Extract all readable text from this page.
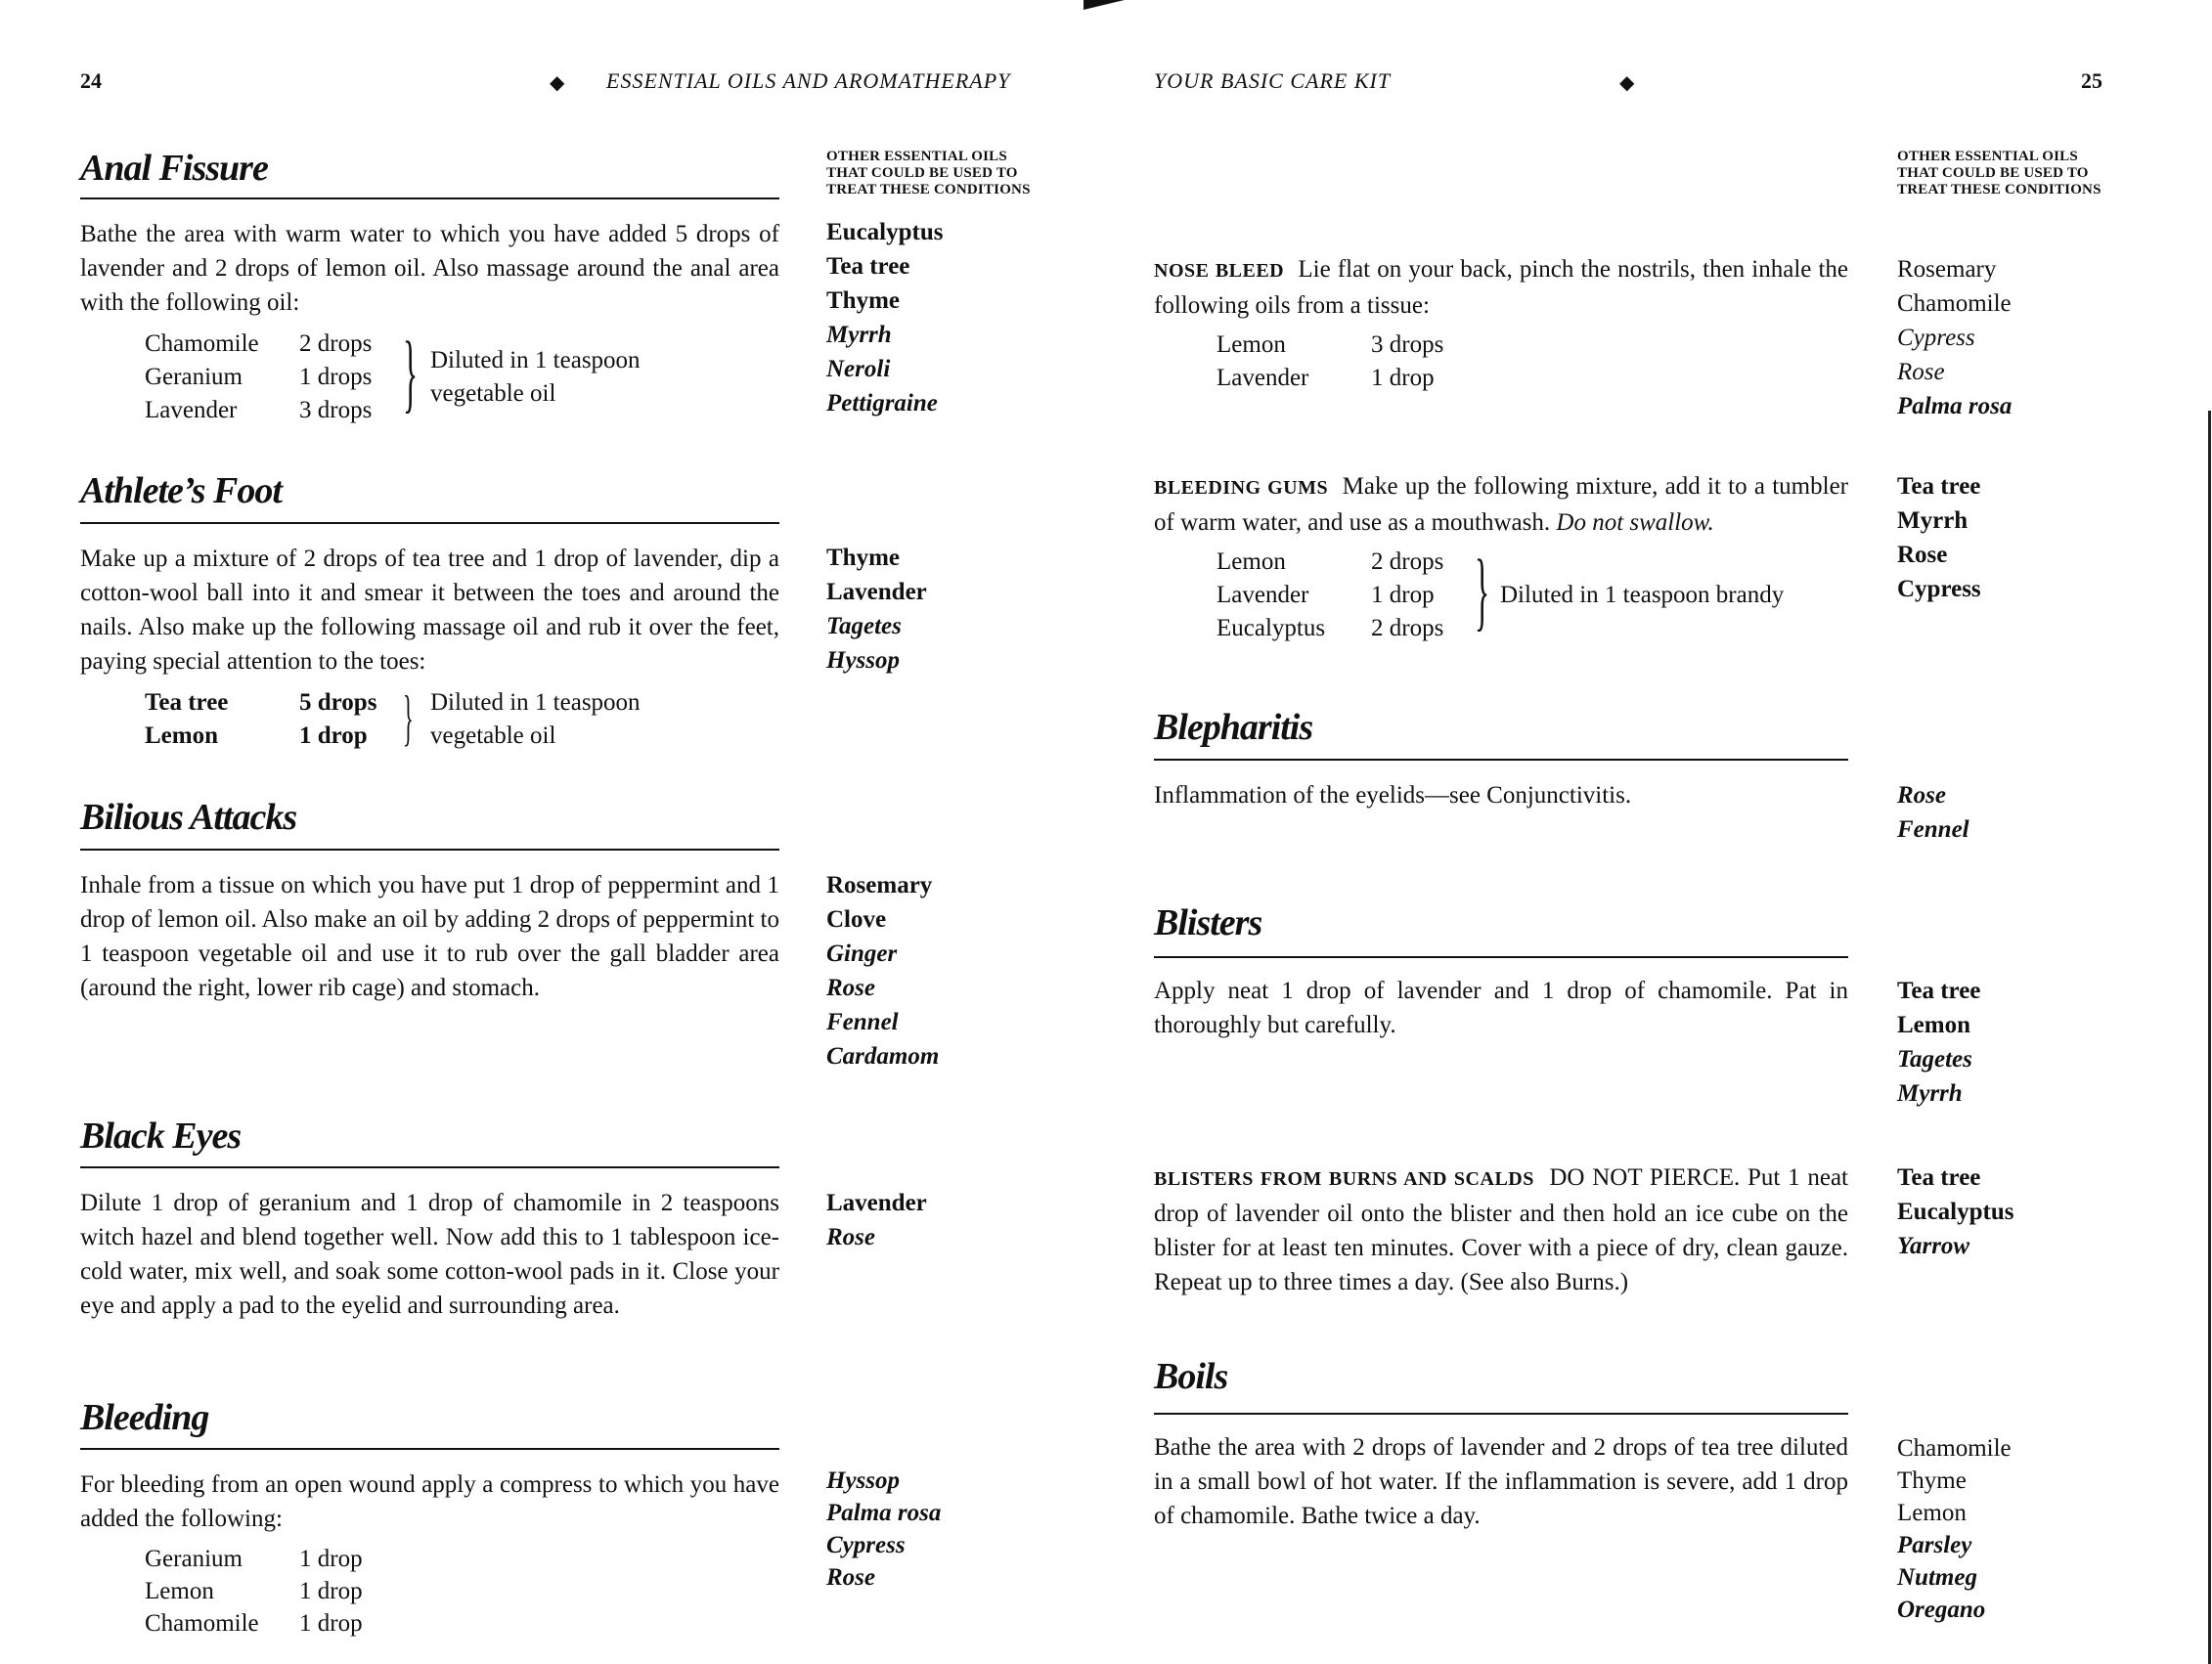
24	◆ ESSENTIAL OILS AND AROMATHERAPY
OTHER ESSENTIAL OILS THAT COULD BE USED TO TREAT THESE CONDITIONS
Anal Fissure
Bathe the area with warm water to which you have added 5 drops of lavender and 2 drops of lemon oil. Also massage around the anal area with the following oil:
Chamomile	2 drops
Geranium	1 drops
Lavender	3 drops } Diluted in 1 teaspoon
vegetable oil
Eucalyptus
Tea tree
Thyme
Myrrh
Neroli
Pettigraine
Athlete’s Foot
Make up a mixture of 2 drops of tea tree and 1 drop of lavender, dip a cotton-wool ball into it and smear it between the toes and around the nails. Also make up the following massage oil and rub it over the feet, paying special attention to the toes:
Tea tree	5 drops
Lemon	1 drop } Diluted in 1 teaspoon
vegetable oil
Thyme
Lavender
Tagetes
Hyssop
Bilious Attacks
Inhale from a tissue on which you have put 1 drop of peppermint and 1 drop of lemon oil. Also make an oil by adding 2 drops of peppermint to 1 teaspoon vegetable oil and use it to rub over the gall bladder area (around the right, lower rib cage) and stomach.
Rosemary
Clove
Ginger
Rose
Fennel
Cardamom
Black Eyes
Dilute 1 drop of geranium and 1 drop of chamomile in 2 teaspoons witch hazel and blend together well. Now add this to 1 tablespoon ice-cold water, mix well, and soak some cotton-wool pads in it. Close your eye and apply a pad to the eyelid and surrounding area.
Lavender
Rose
Bleeding
For bleeding from an open wound apply a compress to which you have added the following:
Geranium	1 drop
Lemon	1 drop
Chamomile	1 drop
Hyssop
Palma rosa
Cypress
Rose
YOUR BASIC CARE KIT	◆	25
OTHER ESSENTIAL OILS THAT COULD BE USED TO TREAT THESE CONDITIONS
NOSE BLEED Lie flat on your back, pinch the nostrils, then inhale the following oils from a tissue:
Lemon	3 drops
Lavender	1 drop
Rosemary
Chamomile
Cypress
Rose
Palma rosa
BLEEDING GUMS Make up the following mixture, add it to a tumbler of warm water, and use as a mouthwash. Do not swallow.
Lemon	2 drops
Lavender	1 drop
Eucalyptus	2 drops } Diluted in 1 teaspoon brandy
Tea tree
Myrrh
Rose
Cypress
Blepharitis
Inflammation of the eyelids—see Conjunctivitis.	Rose
Fennel
Blisters
Apply neat 1 drop of lavender and 1 drop of chamomile. Pat in thoroughly but carefully.
Tea tree
Lemon
Tagetes
Myrrh
BLISTERS FROM BURNS AND SCALDS DO NOT PIERCE. Put 1 neat drop of lavender oil onto the blister and then hold an ice cube on the blister for at least ten minutes. Cover with a piece of dry, clean gauze. Repeat up to three times a day. (See also Burns.)
Tea tree
Eucalyptus
Yarrow
Boils
Bathe the area with 2 drops of lavender and 2 drops of tea tree diluted in a small bowl of hot water. If the inflammation is severe, add 1 drop of chamomile. Bathe twice a day.
Chamomile
Thyme
Lemon
Parsley
Nutmeg
Oregano
